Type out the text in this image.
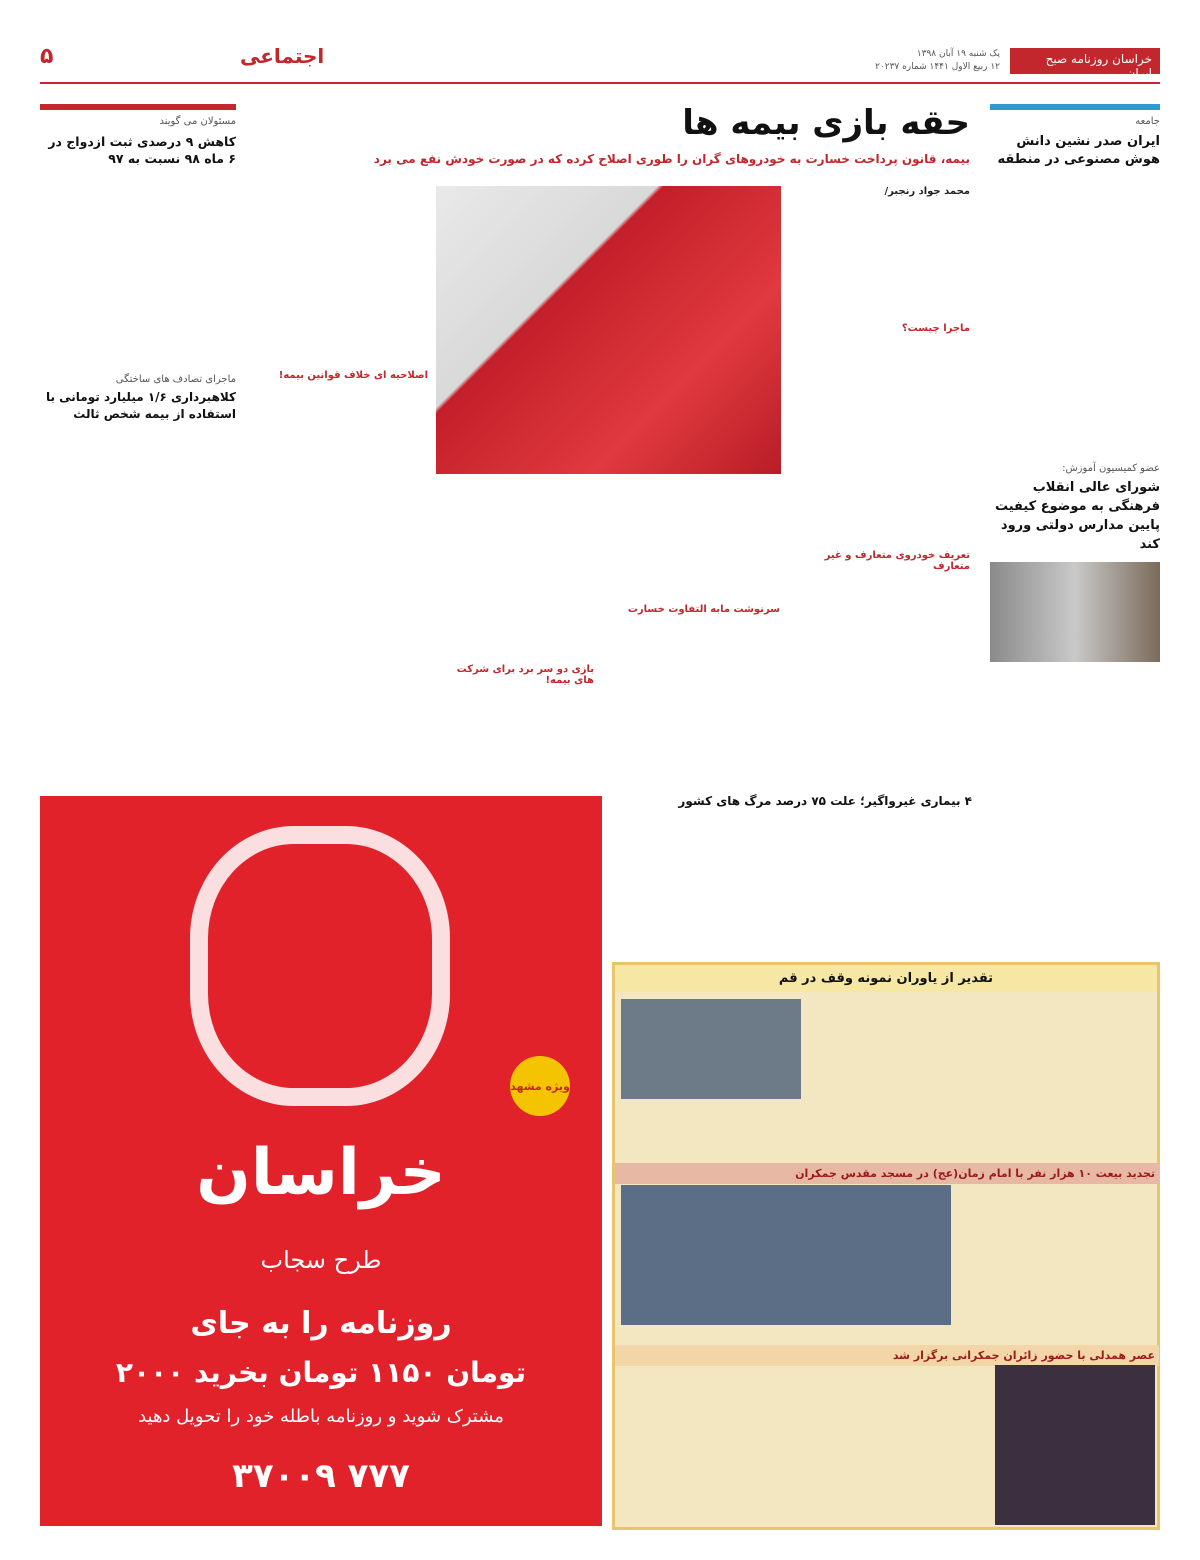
خراسان روزنامه صبح ایران
یک شنبه ۱۹ آبان ۱۳۹۸
۱۲ ربیع الاول ۱۴۴۱ شماره ۲۰۲۳۷
اجتماعی
۵
جامعه
ایران صدر نشین دانش هوش مصنوعی در منطقه
عضو کمیسیون آموزش:
شورای عالی انقلاب فرهنگی به موضوع کیفیت پایین مدارس دولتی ورود کند
حقه بازی بیمه ها
بیمه، قانون پرداخت خسارت به خودروهای گران را طوری اصلاح کرده که در صورت خودش نفع می برد
محمد جواد رنجبر/
ماجرا چیست؟
تعریف خودروی متعارف و غیر متعارف
سرنوشت مابه التفاوت خسارت
بازی دو سر برد برای شرکت های بیمه!
اصلاحیه ای خلاف قوانین بیمه!
مسئولان می گویند
کاهش ۹ درصدی ثبت ازدواج در ۶ ماه ۹۸ نسبت به ۹۷
ماجرای تصادف های ساختگی
کلاهبرداری ۱/۶ میلیارد تومانی با استفاده از بیمه شخص ثالث
۴ بیماری غیرواگیر؛ علت ۷۵ درصد مرگ های کشور
ویژه مشهد
خراسان
طرح سجاب
روزنامه را به جای
۲۰۰۰ تومان ۱۱۵۰ تومان بخرید
مشترک شوید و روزنامه باطله خود را تحویل دهید
۳۷۰۰۹ ۷۷۷
تقدیر از یاوران نمونه وقف در قم
تجدید بیعت ۱۰ هزار نفر با امام زمان(عج) در مسجد مقدس جمکران
عصر همدلی با حضور زائران جمکرانی برگزار شد
